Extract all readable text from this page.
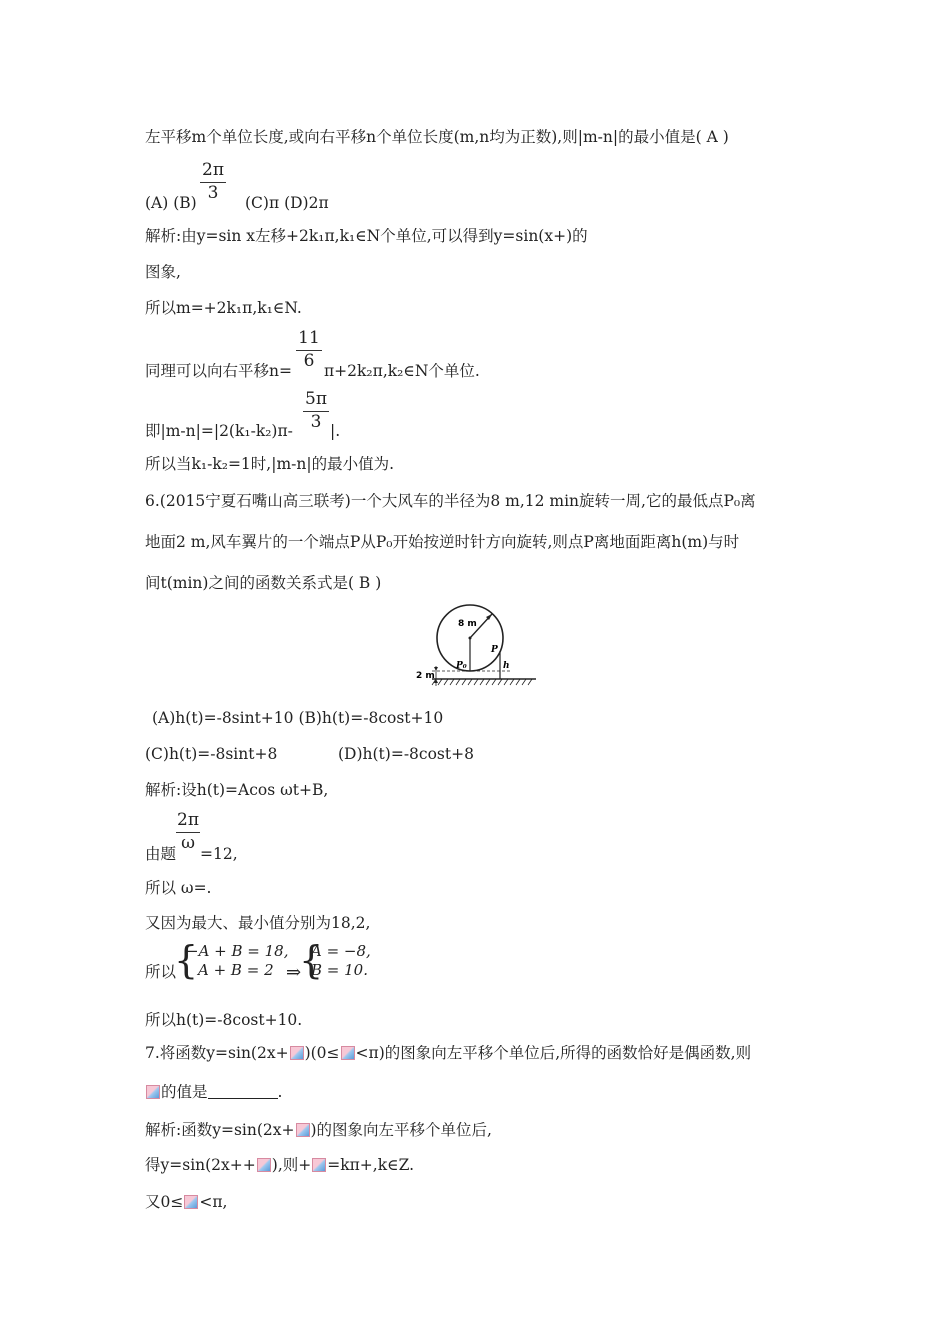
左平移m个单位长度,或向右平移n个单位长度(m,n均为正数),则|m-n|的最小值是( A )
2π
3
(A) (B)	(C)π (D)2π
解析:由y=sin x左移+2k₁π,k₁∈N个单位,可以得到y=sin(x+)的
图象,
所以m=+2k₁π,k₁∈N.
11
6
同理可以向右平移n= π+2k₂π,k₂∈N个单位.
5π
3
即|m-n|=|2(k₁-k₂)π- |.
所以当k₁-k₂=1时,|m-n|的最小值为.
6.(2015宁夏石嘴山高三联考)一个大风车的半径为8 m,12 min旋转一周,它的最低点P₀离
地面2 m,风车翼片的一个端点P从P₀开始按逆时针方向旋转,则点P离地面距离h(m)与时
间t(min)之间的函数关系式是( B )
8 m
2 m
P₀
P
h
(A)h(t)=-8sint+10 (B)h(t)=-8cost+10
(C)h(t)=-8sint+8	(D)h(t)=-8cost+8
解析:设h(t)=Acos ωt+B,
2π
ω
由题 =12,
所以 ω=.
又因为最大、最小值分别为18,2,
所以
{
−A + B = 18,
A + B = 2 ⇒
{
A = −8,
B = 10.
所以h(t)=-8cost+10.
7.将函数y=sin(2x+ )(0≤ <π)的图象向左平移个单位后,所得的函数恰好是偶函数,则
的值是	.
解析:函数y=sin(2x+ )的图象向左平移个单位后,
得y=sin(2x++ ),则+ =kπ+,k∈Z.
又0≤ <π,
